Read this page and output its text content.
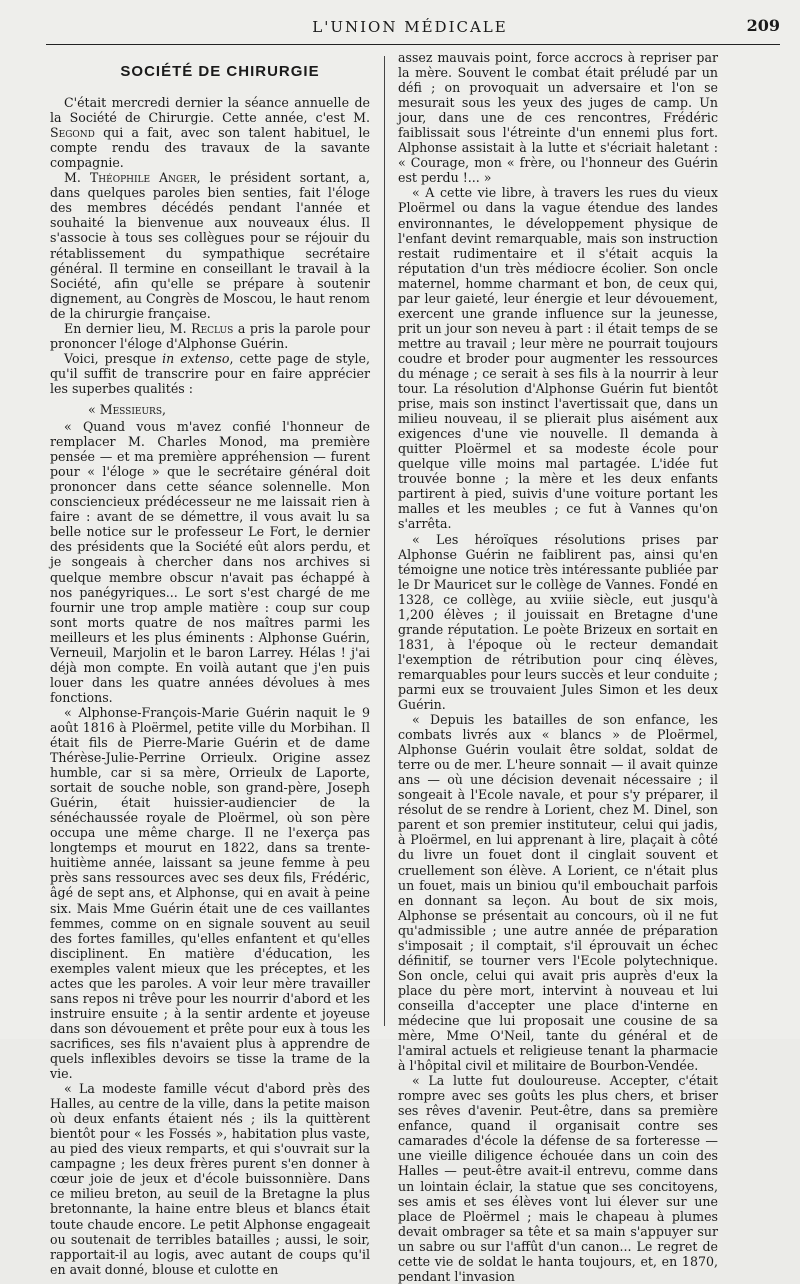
L'UNION MÉDICALE	209
SOCIÉTÉ DE CHIRURGIE

C'était mercredi dernier la séance annuelle de la Société de Chirurgie. Cette année, c'est M. Segond qui a fait, avec son talent habituel, le compte rendu des travaux de la savante compagnie.

M. Théophile Anger, le président sortant, a, dans quelques paroles bien senties, fait l'éloge des membres décédés pendant l'année et souhaité la bienvenue aux nouveaux élus. Il s'associe à tous ses collègues pour se réjouir du rétablissement du sympathique secrétaire général. Il termine en conseillant le travail à la Société, afin qu'elle se prépare à soutenir dignement, au Congrès de Moscou, le haut renom de la chirurgie française.

En dernier lieu, M. Reclus a pris la parole pour prononcer l'éloge d'Alphonse Guérin.

Voici, presque in extenso, cette page de style, qu'il suffit de transcrire pour en faire apprécier les superbes qualités :

« Messieurs,

« Quand vous m'avez confié l'honneur de remplacer M. Charles Monod, ma première pensée — et ma première appréhension — furent pour « l'éloge » que le secrétaire général doit prononcer dans cette séance solennelle. Mon consciencieux prédécesseur ne me laissait rien à faire : avant de se démettre, il vous avait lu sa belle notice sur le professeur Le Fort, le dernier des présidents que la Société eût alors perdu, et je songeais à chercher dans nos archives si quelque membre obscur n'avait pas échappé à nos panégyriques... Le sort s'est chargé de me fournir une trop ample matière : coup sur coup sont morts quatre de nos maîtres parmi les meilleurs et les plus éminents : Alphonse Guérin, Verneuil, Marjolin et le baron Larrey. Hélas ! j'ai déjà mon compte. En voilà autant que j'en puis louer dans les quatre années dévolues à mes fonctions.

« Alphonse-François-Marie Guérin naquit le 9 août 1816 à Ploërmel, petite ville du Morbihan. Il était fils de Pierre-Marie Guérin et de dame Thérèse-Julie-Perrine Orrieulx. Origine assez humble, car si sa mère, Orrieulx de Laporte, sortait de souche noble, son grand-père, Joseph Guérin, était huissier-audiencier de la sénéchaussée royale de Ploërmel, où son père occupa une même charge. Il ne l'exerça pas longtemps et mourut en 1822, dans sa trente-huitième année, laissant sa jeune femme à peu près sans ressources avec ses deux fils, Frédéric, âgé de sept ans, et Alphonse, qui en avait à peine six. Mais Mme Guérin était une de ces vaillantes femmes, comme on en signale souvent au seuil des fortes familles, qu'elles enfantent et qu'elles disciplinent. En matière d'éducation, les exemples valent mieux que les préceptes, et les actes que les paroles. A voir leur mère travailler sans repos ni trêve pour les nourrir d'abord et les instruire ensuite ; à la sentir ardente et joyeuse dans son dévouement et prête pour eux à tous les sacrifices, ses fils n'avaient plus à apprendre de quels inflexibles devoirs se tisse la trame de la vie.

« La modeste famille vécut d'abord près des Halles, au centre de la ville, dans la petite maison où deux enfants étaient nés ; ils la quittèrent bientôt pour « les Fossés », habitation plus vaste, au pied des vieux remparts, et qui s'ouvrait sur la campagne ; les deux frères purent s'en donner à cœur joie de jeux et d'école buissonnière. Dans ce milieu breton, au seuil de la Bretagne la plus bretonnante, la haine entre bleus et blancs était toute chaude encore. Le petit Alphonse engageait ou soutenait de terribles batailles ; aussi, le soir, rapportait-il au logis, avec autant de coups qu'il en avait donné, blouse et culotte en

assez mauvais point, force accrocs à repriser par la mère. Souvent le combat était préludé par un défi ; on provoquait un adversaire et l'on se mesurait sous les yeux des juges de camp. Un jour, dans une de ces rencontres, Frédéric faiblissait sous l'étreinte d'un ennemi plus fort. Alphonse assistait à la lutte et s'écriait haletant : « Courage, mon « frère, ou l'honneur des Guérin est perdu !... »

« A cette vie libre, à travers les rues du vieux Ploërmel ou dans la vague étendue des landes environnantes, le développement physique de l'enfant devint remarquable, mais son instruction restait rudimentaire et il s'était acquis la réputation d'un très médiocre écolier. Son oncle maternel, homme charmant et bon, de ceux qui, par leur gaieté, leur énergie et leur dévouement, exercent une grande influence sur la jeunesse, prit un jour son neveu à part : il était temps de se mettre au travail ; leur mère ne pourrait toujours coudre et broder pour augmenter les ressources du ménage ; ce serait à ses fils à la nourrir à leur tour. La résolution d'Alphonse Guérin fut bientôt prise, mais son instinct l'avertissait que, dans un milieu nouveau, il se plierait plus aisément aux exigences d'une vie nouvelle. Il demanda à quitter Ploërmel et sa modeste école pour quelque ville moins mal partagée. L'idée fut trouvée bonne ; la mère et les deux enfants partirent à pied, suivis d'une voiture portant les malles et les meubles ; ce fut à Vannes qu'on s'arrêta.

« Les héroïques résolutions prises par Alphonse Guérin ne faiblirent pas, ainsi qu'en témoigne une notice très intéressante publiée par le Dr Mauricet sur le collège de Vannes. Fondé en 1328, ce collège, au xviiie siècle, eut jusqu'à 1,200 élèves ; il jouissait en Bretagne d'une grande réputation. Le poète Brizeux en sortait en 1831, à l'époque où le recteur demandait l'exemption de rétribution pour cinq élèves, remarquables pour leurs succès et leur conduite ; parmi eux se trouvaient Jules Simon et les deux Guérin.

« Depuis les batailles de son enfance, les combats livrés aux « blancs » de Ploërmel, Alphonse Guérin voulait être soldat, soldat de terre ou de mer. L'heure sonnait — il avait quinze ans — où une décision devenait nécessaire ; il songeait à l'Ecole navale, et pour s'y préparer, il résolut de se rendre à Lorient, chez M. Dinel, son parent et son premier instituteur, celui qui jadis, à Ploërmel, en lui apprenant à lire, plaçait à côté du livre un fouet dont il cinglait souvent et cruellement son élève. A Lorient, ce n'était plus un fouet, mais un biniou qu'il embouchait parfois en donnant sa leçon. Au bout de six mois, Alphonse se présentait au concours, où il ne fut qu'admissible ; une autre année de préparation s'imposait ; il comptait, s'il éprouvait un échec définitif, se tourner vers l'Ecole polytechnique. Son oncle, celui qui avait pris auprès d'eux la place du père mort, intervint à nouveau et lui conseilla d'accepter une place d'interne en médecine que lui proposait une cousine de sa mère, Mme O'Neil, tante du général et de l'amiral actuels et religieuse tenant la pharmacie à l'hôpital civil et militaire de Bourbon-Vendée.

« La lutte fut douloureuse. Accepter, c'était rompre avec ses goûts les plus chers, et briser ses rêves d'avenir. Peut-être, dans sa première enfance, quand il organisait contre ses camarades d'école la défense de sa forteresse — une vieille diligence échouée dans un coin des Halles — peut-être avait-il entrevu, comme dans un lointain éclair, la statue que ses concitoyens, ses amis et ses élèves vont lui élever sur une place de Ploërmel ; mais le chapeau à plumes devait ombrager sa tête et sa main s'appuyer sur un sabre ou sur l'affût d'un canon... Le regret de cette vie de soldat le hanta toujours, et, en 1870, pendant l'invasion
